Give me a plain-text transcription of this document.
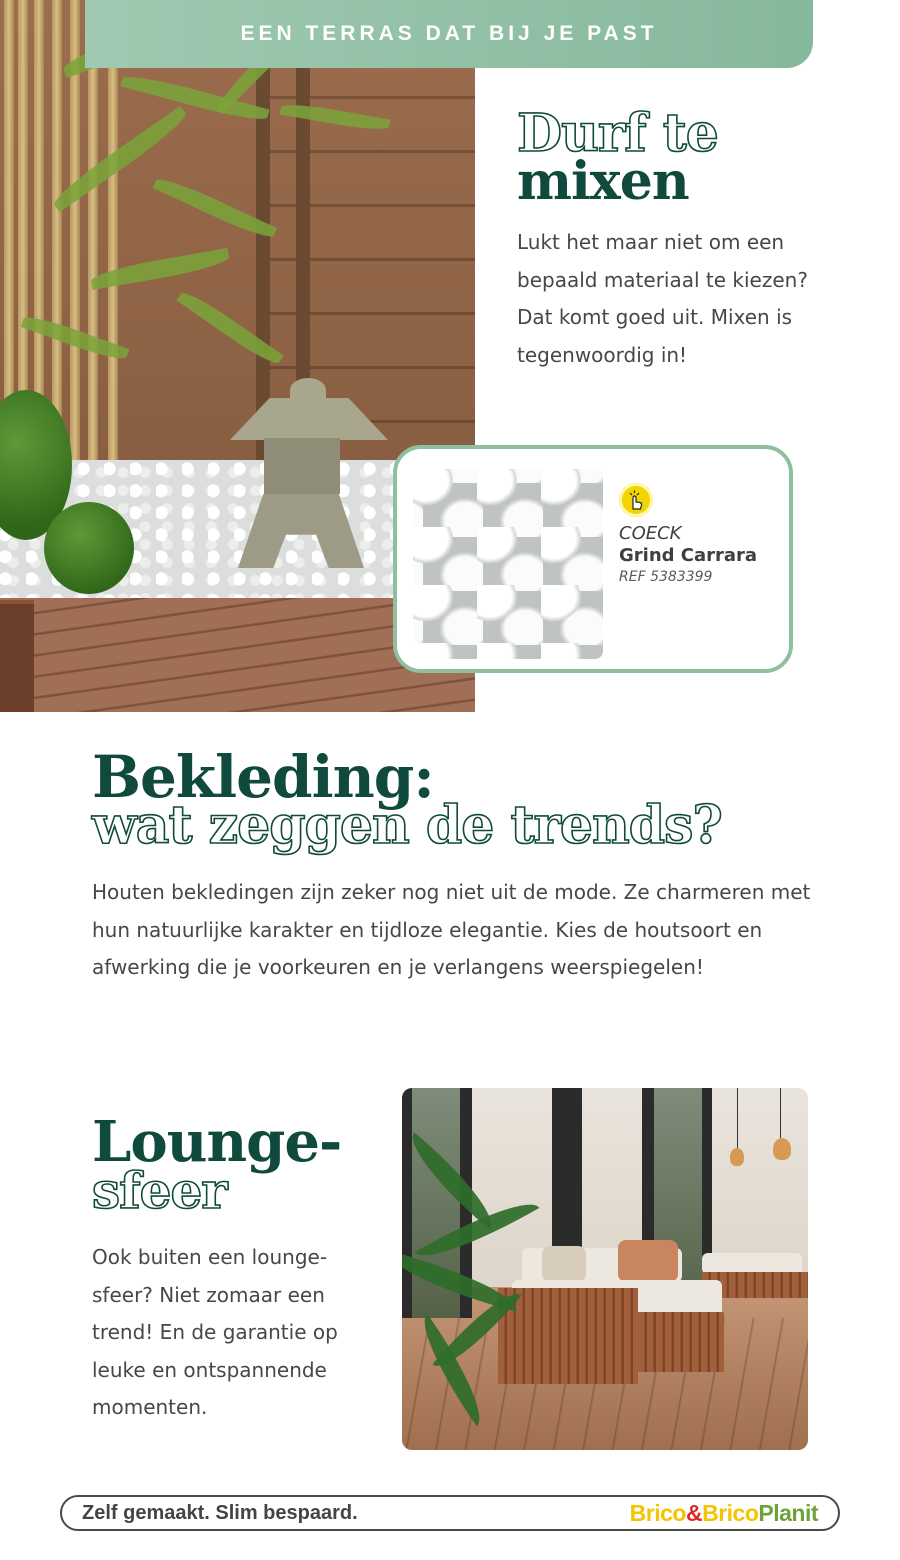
EEN TERRAS DAT BIJ JE PAST
Durf te
mixen
Lukt het maar niet om een bepaald materiaal te kiezen? Dat komt goed uit. Mixen is tegenwoordig in!
COECK
Grind Carrara
REF 5383399
Bekleding:
wat zeggen de trends?
Houten bekledingen zijn zeker nog niet uit de mode. Ze charmeren met hun natuurlijke karakter en tijdloze elegantie. Kies de houtsoort en afwerking die je voorkeuren en je verlangens weerspiegelen!
Lounge-
sfeer
Ook buiten een lounge-sfeer? Niet zomaar een trend! En de garantie op leuke en ontspannende momenten.
Zelf gemaakt. Slim bespaard.	Brico&BricoPlanit
